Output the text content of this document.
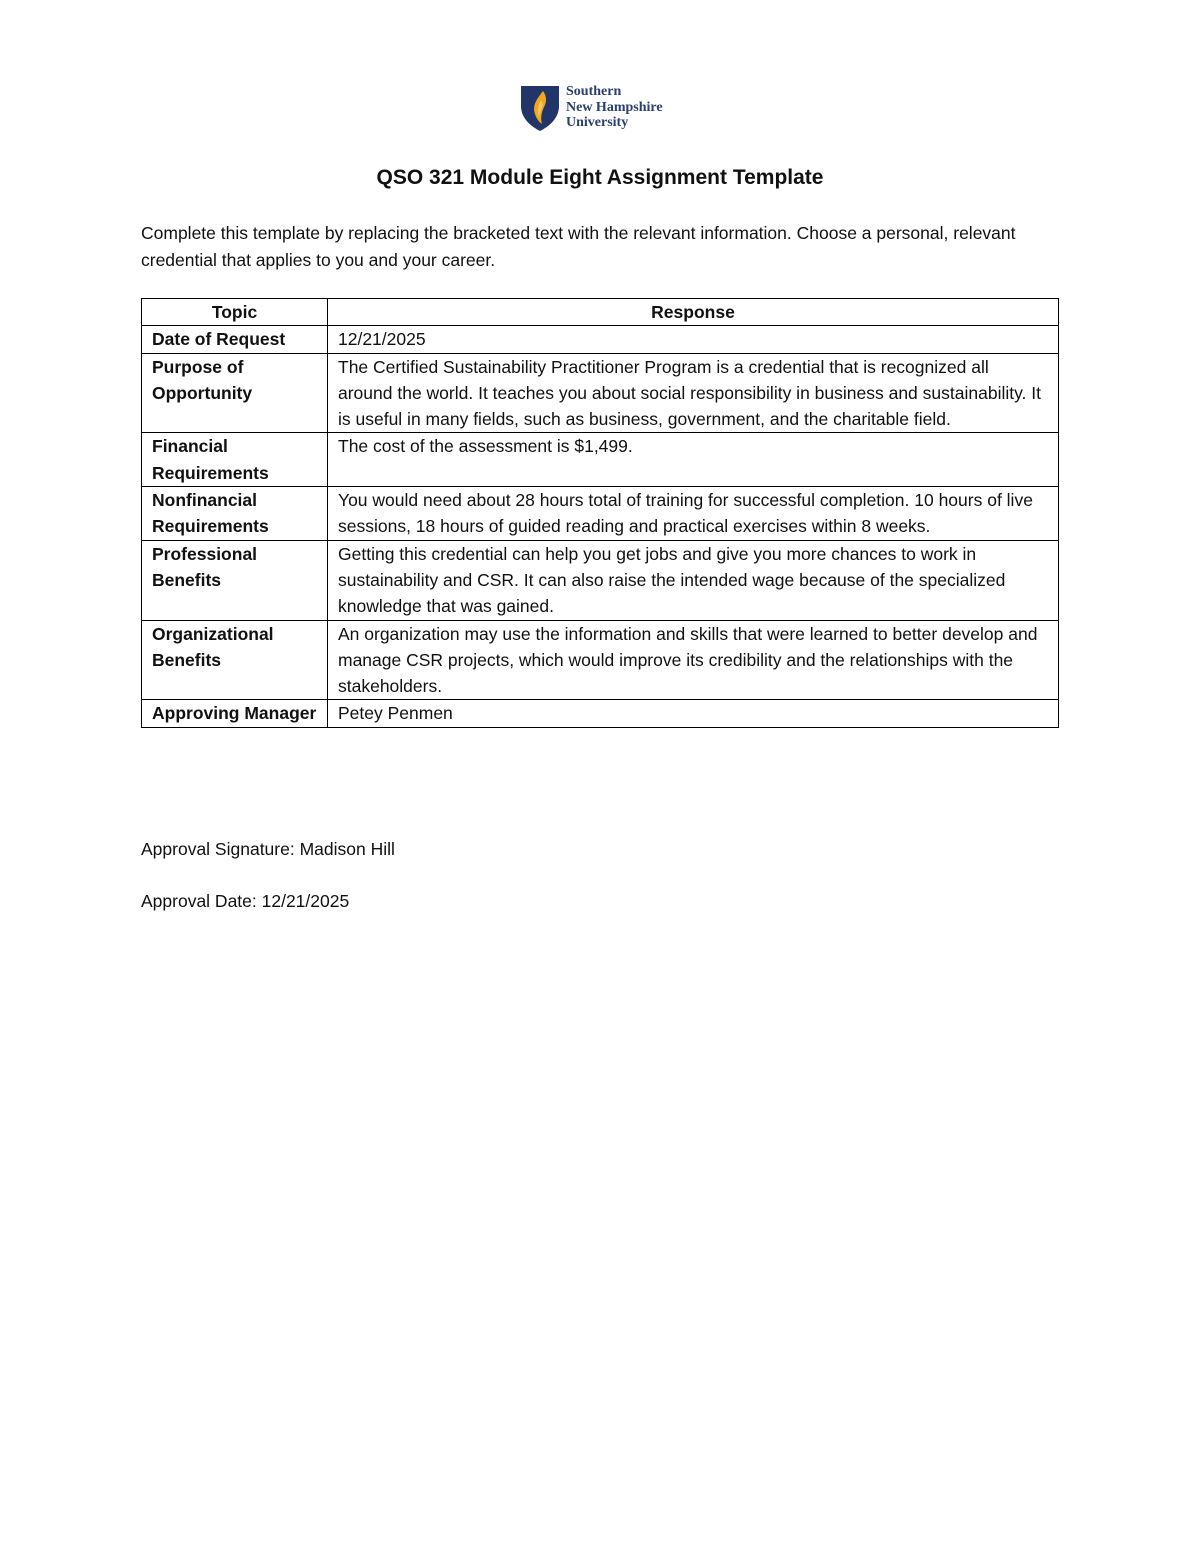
Southern
New Hampshire
University
QSO 321 Module Eight Assignment Template

Complete this template by replacing the bracketed text with the relevant information. Choose a personal, relevant credential that applies to you and your career.

Topic	Response
Date of Request	12/21/2025
Purpose of Opportunity	The Certified Sustainability Practitioner Program is a credential that is recognized all around the world. It teaches you about social responsibility in business and sustainability. It is useful in many fields, such as business, government, and the charitable field.
Financial Requirements	The cost of the assessment is $1,499.
Nonfinancial Requirements	You would need about 28 hours total of training for successful completion. 10 hours of live sessions, 18 hours of guided reading and practical exercises within 8 weeks.
Professional Benefits	Getting this credential can help you get jobs and give you more chances to work in sustainability and CSR. It can also raise the intended wage because of the specialized knowledge that was gained.
Organizational Benefits	An organization may use the information and skills that were learned to better develop and manage CSR projects, which would improve its credibility and the relationships with the stakeholders.
Approving Manager	Petey Penmen

Approval Signature: Madison Hill

Approval Date: 12/21/2025
